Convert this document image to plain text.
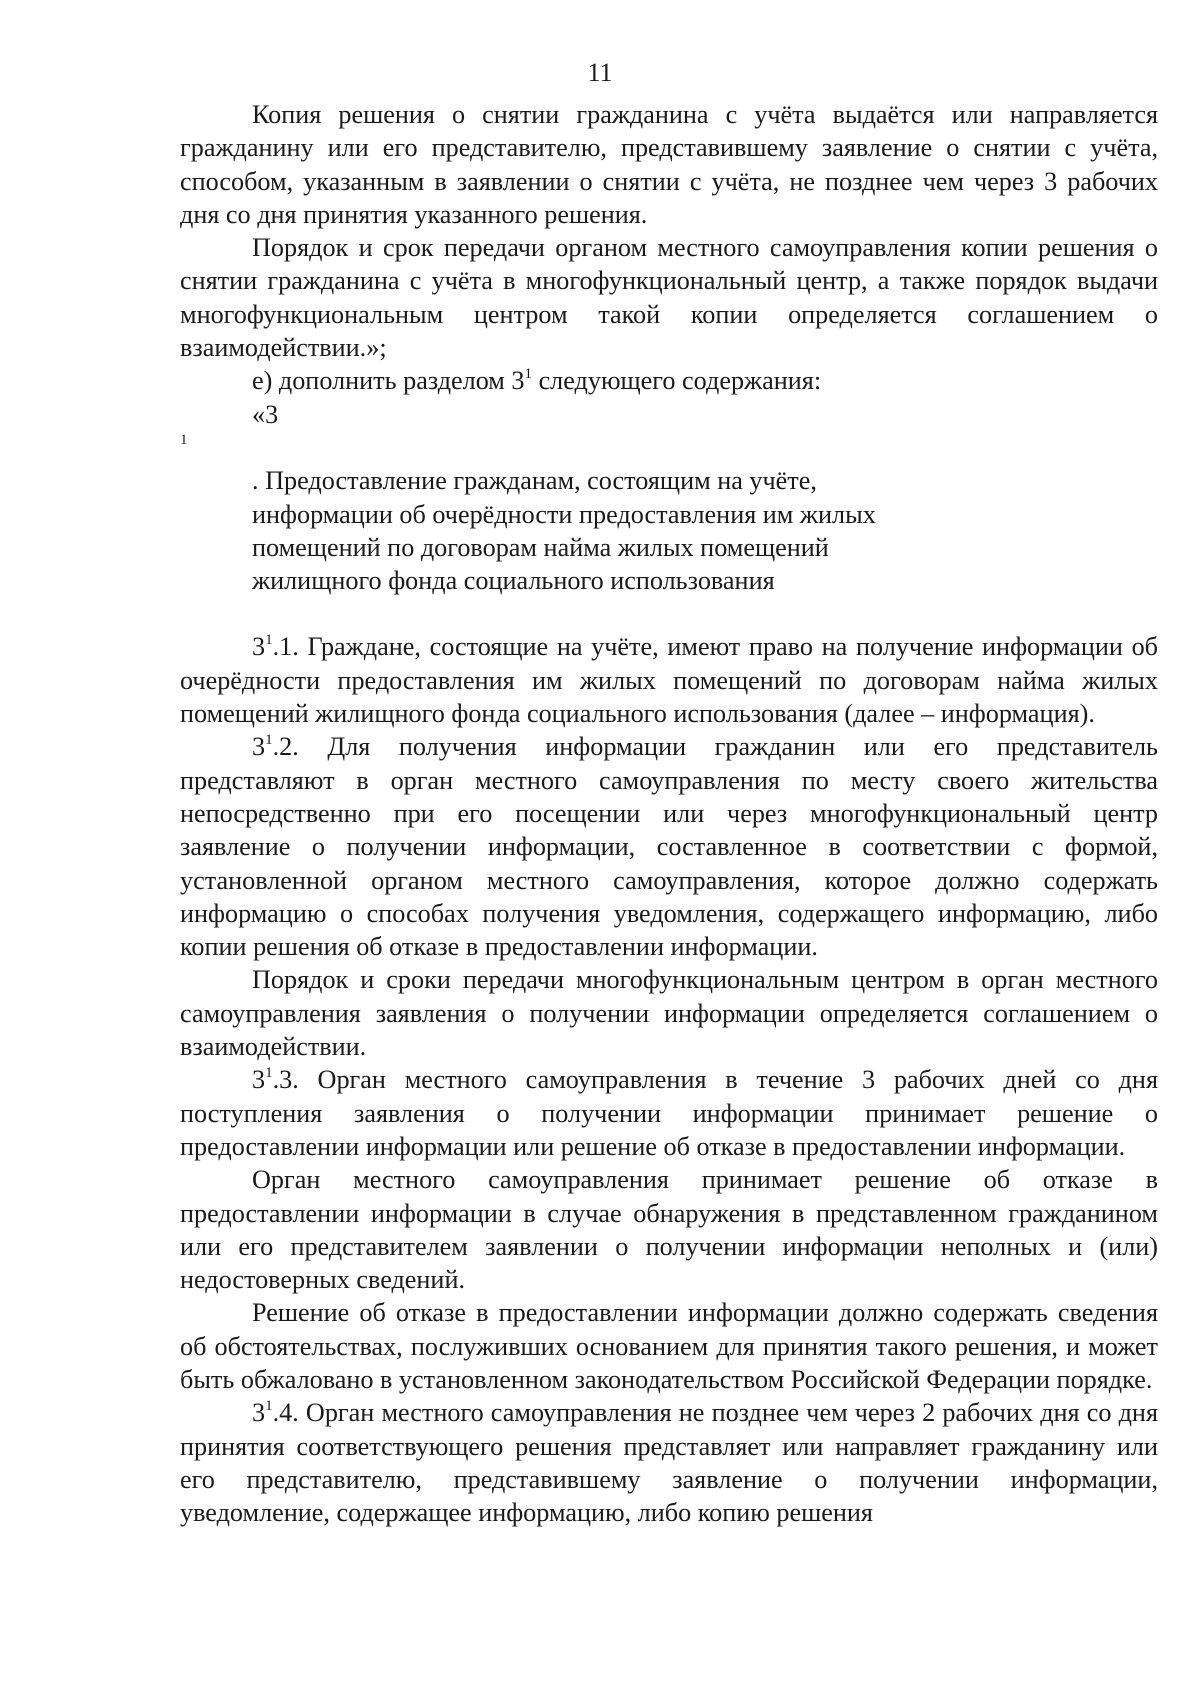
11

Копия решения о снятии гражданина с учёта выдаётся или направляется гражданину или его представителю, представившему заявление о снятии с учёта, способом, указанным в заявлении о снятии с учёта, не позднее чем через 3 рабочих дня со дня принятия указанного решения.

Порядок и срок передачи органом местного самоуправления копии решения о снятии гражданина с учёта в многофункциональный центр, а также порядок выдачи многофункциональным центром такой копии определяется соглашением о взаимодействии.»;

е) дополнить разделом $3^1$ следующего содержания:

«3
$^1$
. Предоставление гражданам, состоящим на учёте,
информации об очерёдности предоставления им жилых
помещений по договорам найма жилых помещений
жилищного фонда социального использования

$3^1.1$. Граждане, состоящие на учёте, имеют право на получение информации об очерёдности предоставления им жилых помещений по договорам найма жилых помещений жилищного фонда социального использования (далее – информация).

$3^1.2$. Для получения информации гражданин или его представитель представляют в орган местного самоуправления по месту своего жительства непосредственно при его посещении или через многофункциональный центр заявление о получении информации, составленное в соответствии с формой, установленной органом местного самоуправления, которое должно содержать информацию о способах получения уведомления, содержащего информацию, либо копии решения об отказе в предоставлении информации.

Порядок и сроки передачи многофункциональным центром в орган местного самоуправления заявления о получении информации определяется соглашением о взаимодействии.

$3^1.3$. Орган местного самоуправления в течение 3 рабочих дней со дня поступления заявления о получении информации принимает решение о предоставлении информации или решение об отказе в предоставлении информации.

Орган местного самоуправления принимает решение об отказе в предоставлении информации в случае обнаружения в представленном гражданином или его представителем заявлении о получении информации неполных и (или) недостоверных сведений.

Решение об отказе в предоставлении информации должно содержать сведения об обстоятельствах, послуживших основанием для принятия такого решения, и может быть обжаловано в установленном законодательством Российской Федерации порядке.

$3^1.4$. Орган местного самоуправления не позднее чем через 2 рабочих дня со дня принятия соответствующего решения представляет или направляет гражданину или его представителю, представившему заявление о получении информации, уведомление, содержащее информацию, либо копию решения
